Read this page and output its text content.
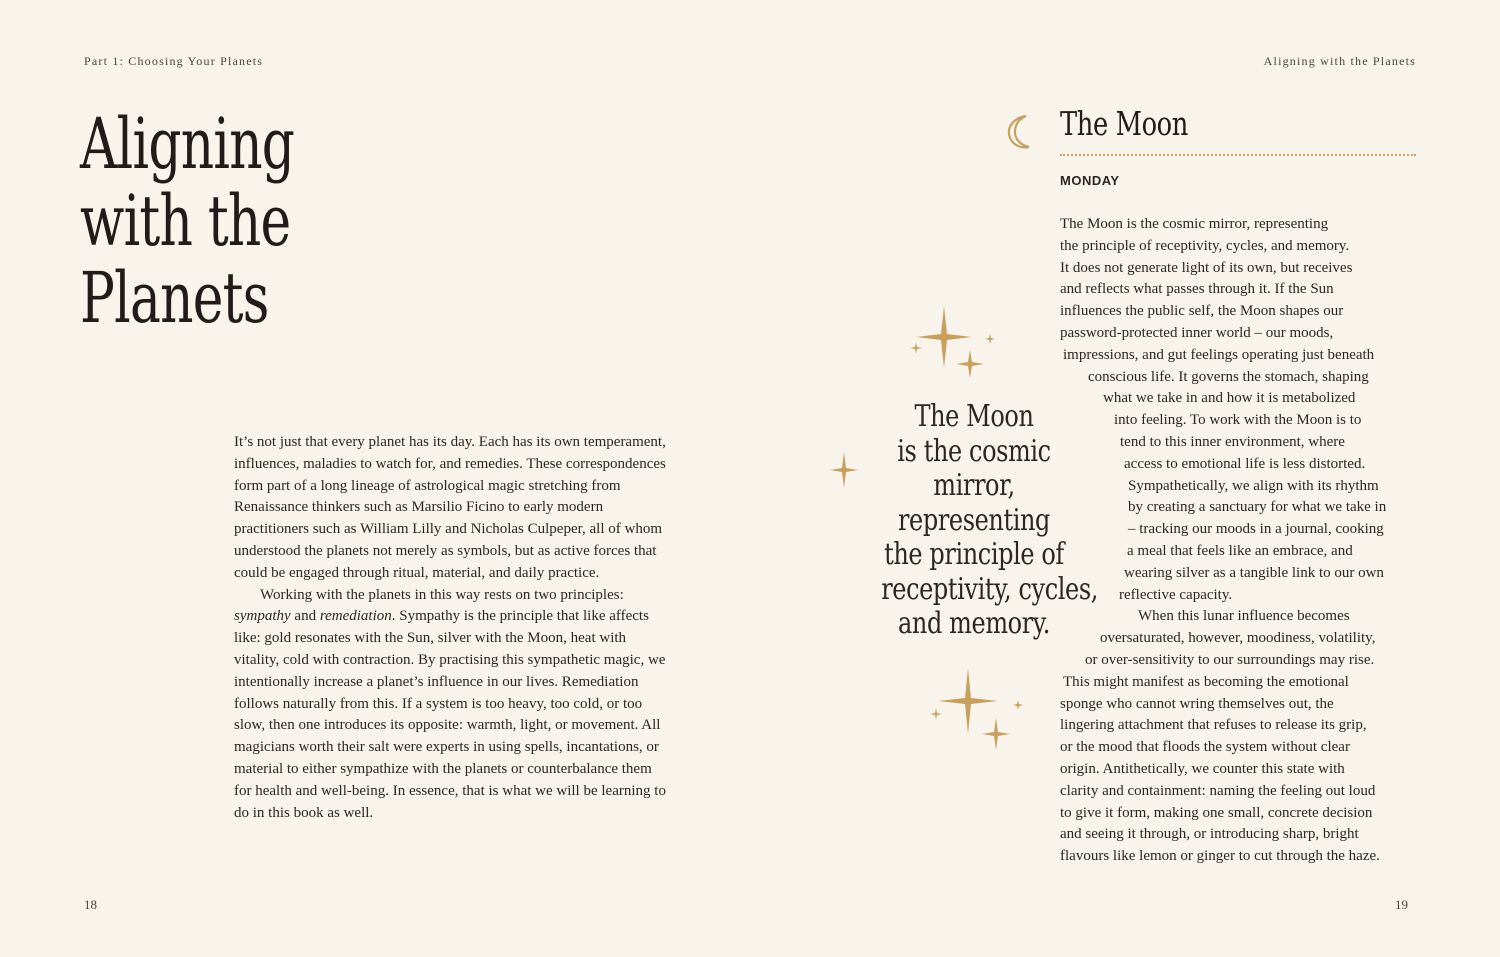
Part 1: Choosing Your Planets	Aligning with the Planets
Aligning
with the
Planets

It’s not just that every planet has its day. Each has its own temperament, influences, maladies to watch for, and remedies. These correspondences form part of a long lineage of astrological magic stretching from Renaissance thinkers such as Marsilio Ficino to early modern practitioners such as William Lilly and Nicholas Culpeper, all of whom understood the planets not merely as symbols, but as active forces that could be engaged through ritual, material, and daily practice.

Working with the planets in this way rests on two principles: sympathy and remediation. Sympathy is the principle that like affects like: gold resonates with the Sun, silver with the Moon, heat with vitality, cold with contraction. By practising this sympathetic magic, we intentionally increase a planet’s influence in our lives. Remediation follows naturally from this. If a system is too heavy, too cold, or too slow, then one introduces its opposite: warmth, light, or movement. All magicians worth their salt were experts in using spells, incantations, or material to either sympathize with the planets or counterbalance them for health and well-being. In essence, that is what we will be learning to do in this book as well.

18	19
The Moon
MONDAY
The Moon is the cosmic mirror, representing
the principle of receptivity, cycles, and memory.
It does not generate light of its own, but receives
and reflects what passes through it. If the Sun
influences the public self, the Moon shapes our
password-protected inner world – our moods,
impressions, and gut feelings operating just beneath
conscious life. It governs the stomach, shaping
what we take in and how it is metabolized
into feeling. To work with the Moon is to
tend to this inner environment, where
access to emotional life is less distorted.
Sympathetically, we align with its rhythm
by creating a sanctuary for what we take in
– tracking our moods in a journal, cooking
a meal that feels like an embrace, and
wearing silver as a tangible link to our own
reflective capacity.
When this lunar influence becomes
oversaturated, however, moodiness, volatility,
or over-sensitivity to our surroundings may rise.
This might manifest as becoming the emotional
sponge who cannot wring themselves out, the
lingering attachment that refuses to release its grip,
or the mood that floods the system without clear
origin. Antithetically, we counter this state with
clarity and containment: naming the feeling out loud
to give it form, making one small, concrete decision
and seeing it through, or introducing sharp, bright
flavours like lemon or ginger to cut through the haze.
The Moon
is the cosmic
mirror,
representing
the principle of
receptivity, cycles,
and memory.
